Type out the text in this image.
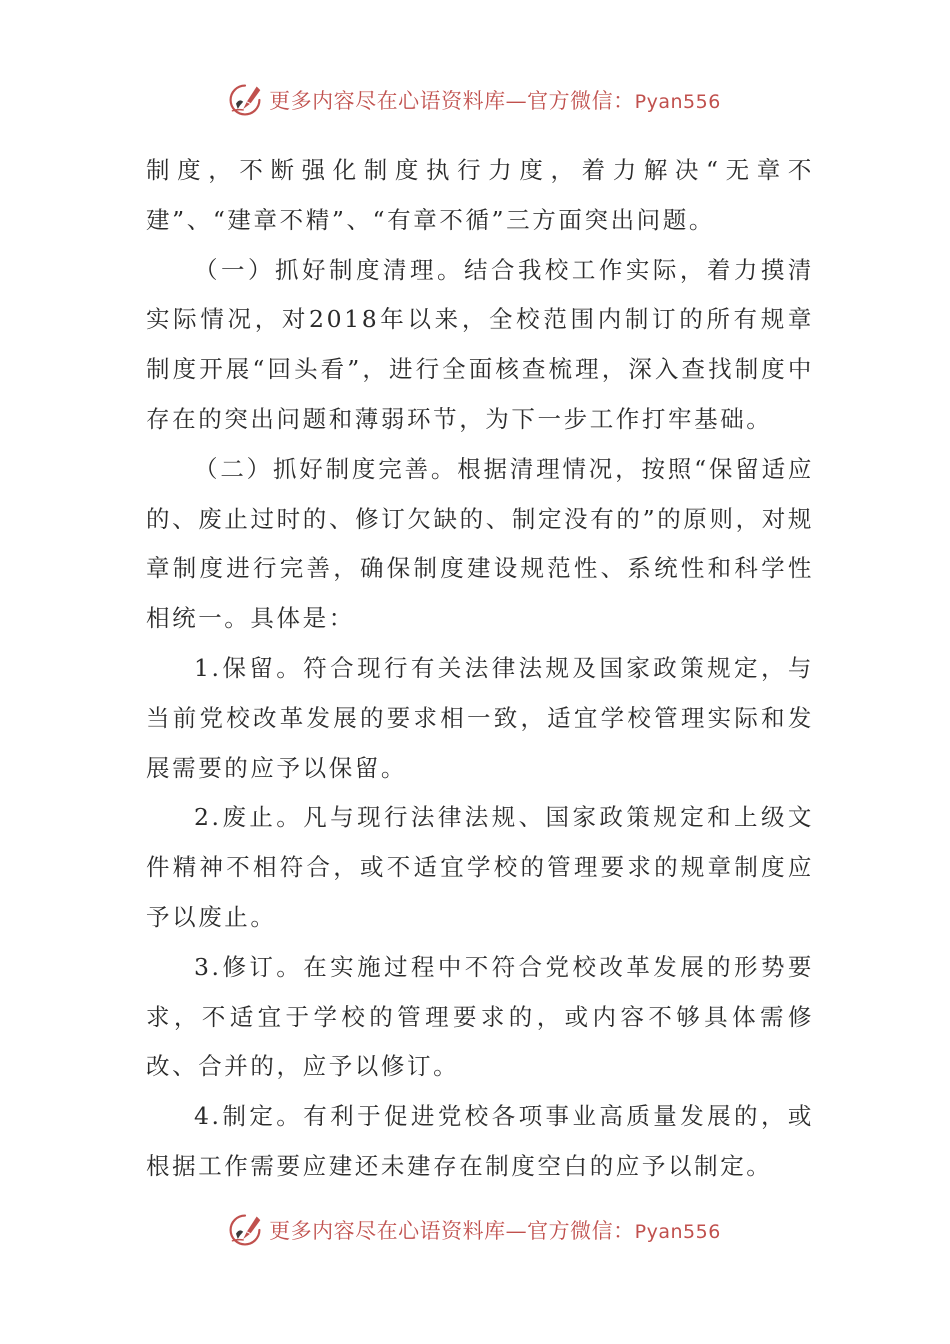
更多内容尽在心语资料库—官方微信：Pyan556

制度，不断强化制度执行力度，着力解决“无章不建”、“建章不精”、“有章不循”三方面突出问题。

（一）抓好制度清理。结合我校工作实际，着力摸清实际情况，对2018年以来，全校范围内制订的所有规章制度开展“回头看”，进行全面核查梳理，深入查找制度中存在的突出问题和薄弱环节，为下一步工作打牢基础。

（二）抓好制度完善。根据清理情况，按照“保留适应的、废止过时的、修订欠缺的、制定没有的”的原则，对规章制度进行完善，确保制度建设规范性、系统性和科学性相统一。具体是：

1.保留。符合现行有关法律法规及国家政策规定，与当前党校改革发展的要求相一致，适宜学校管理实际和发展需要的应予以保留。

2.废止。凡与现行法律法规、国家政策规定和上级文件精神不相符合，或不适宜学校的管理要求的规章制度应予以废止。

3.修订。在实施过程中不符合党校改革发展的形势要求，不适宜于学校的管理要求的，或内容不够具体需修改、合并的，应予以修订。

4.制定。有利于促进党校各项事业高质量发展的，或根据工作需要应建还未建存在制度空白的应予以制定。

更多内容尽在心语资料库—官方微信：Pyan556
